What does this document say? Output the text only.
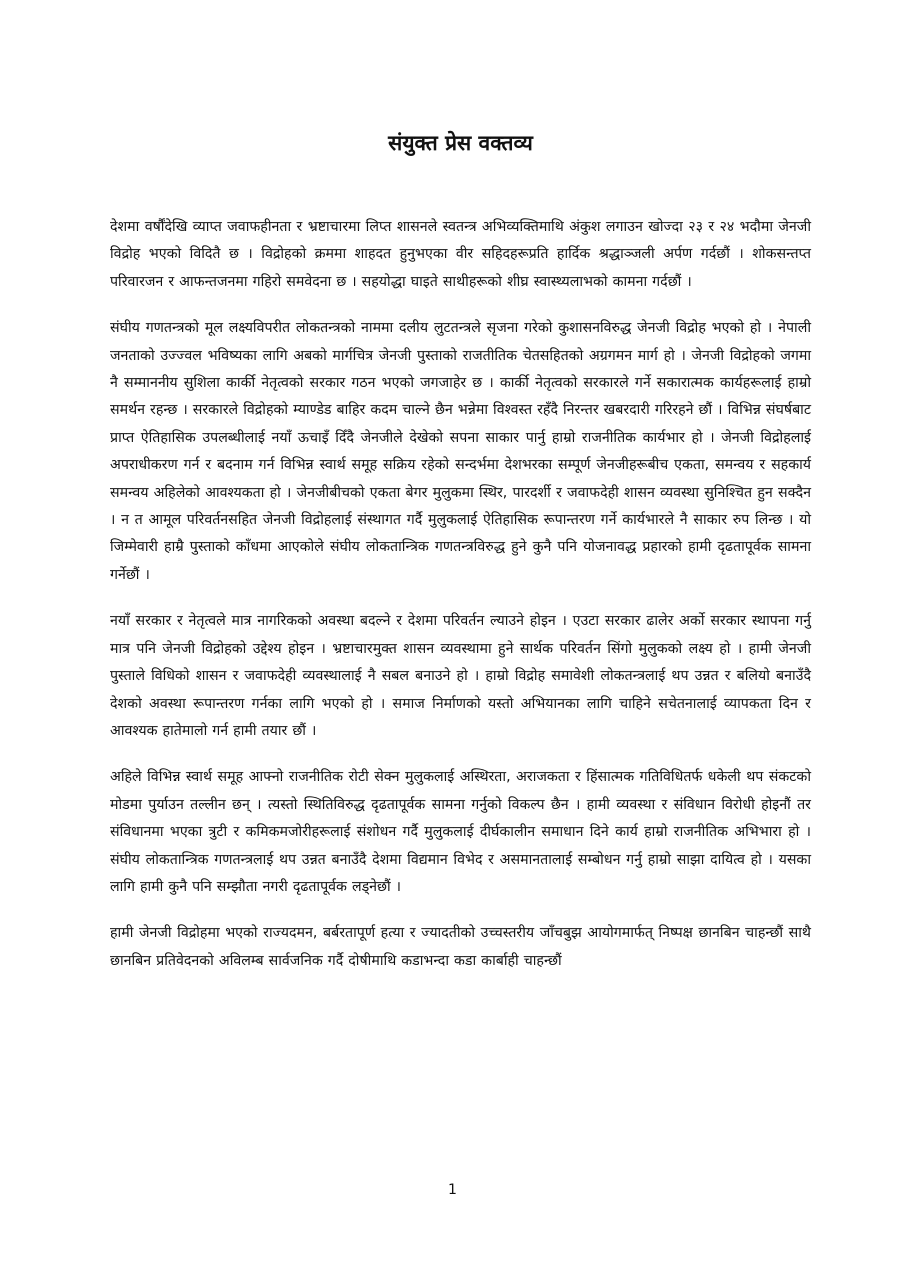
संयुक्त प्रेस वक्तव्य

देशमा वर्षौंदेखि व्याप्त जवाफहीनता र भ्रष्टाचारमा लिप्त शासनले स्वतन्त्र अभिव्यक्तिमाथि अंकुश लगाउन खोज्दा २३ र २४ भदौमा जेनजी विद्रोह भएको विदितै छ । विद्रोहको क्रममा शाहदत हुनुभएका वीर सहिदहरूप्रति हार्दिक श्रद्धाञ्जली अर्पण गर्दछौं । शोकसन्तप्त परिवारजन र आफन्तजनमा गहिरो समवेदना छ । सहयोद्धा घाइते साथीहरूको शीघ्र स्वास्थ्यलाभको कामना गर्दछौं ।

संघीय गणतन्त्रको मूल लक्ष्यविपरीत लोकतन्त्रको नाममा दलीय लुटतन्त्रले सृजना गरेको कुशासनविरुद्ध जेनजी विद्रोह भएको हो । नेपाली जनताको उज्ज्वल भविष्यका लागि अबको मार्गचित्र जेनजी पुस्ताको राजतीतिक चेतसहितको अग्रगमन मार्ग हो । जेनजी विद्रोहको जगमा नै सम्माननीय सुशिला कार्की नेतृत्वको सरकार गठन भएको जगजाहेर छ । कार्की नेतृत्वको सरकारले गर्ने सकारात्मक कार्यहरूलाई हाम्रो समर्थन रहन्छ । सरकारले विद्रोहको म्याण्डेड बाहिर कदम चाल्ने छैन भन्नेमा विश्वस्त रहँदै निरन्तर खबरदारी गरिरहने छौं । विभिन्न संघर्षबाट प्राप्त ऐतिहासिक उपलब्धीलाई नयाँ ऊचाइँ दिँदै जेनजीले देखेको सपना साकार पार्नु हाम्रो राजनीतिक कार्यभार हो । जेनजी विद्रोहलाई अपराधीकरण गर्न र बदनाम गर्न विभिन्न स्वार्थ समूह सक्रिय रहेको सन्दर्भमा देशभरका सम्पूर्ण जेनजीहरूबीच एकता, समन्वय र सहकार्य समन्वय अहिलेको आवश्यकता हो । जेनजीबीचको एकता बेगर मुलुकमा स्थिर, पारदर्शी र जवाफदेही शासन व्यवस्था सुनिश्चित हुन सक्दैन । न त आमूल परिवर्तनसहित जेनजी विद्रोहलाई संस्थागत गर्दै मुलुकलाई ऐतिहासिक रूपान्तरण गर्ने कार्यभारले नै साकार रुप लिन्छ । यो जिम्मेवारी हाम्रै पुस्ताको काँधमा आएकोले संघीय लोकतान्त्रिक गणतन्त्रविरुद्ध हुने कुनै पनि योजनावद्ध प्रहारको हामी दृढतापूर्वक सामना गर्नेछौं ।

नयाँ सरकार र नेतृत्वले मात्र नागरिकको अवस्था बदल्ने र देशमा परिवर्तन ल्याउने होइन । एउटा सरकार ढालेर अर्को सरकार स्थापना गर्नु मात्र पनि जेनजी विद्रोहको उद्देश्य होइन । भ्रष्टाचारमुक्त शासन व्यवस्थामा हुने सार्थक परिवर्तन सिंगो मुलुकको लक्ष्य हो । हामी जेनजी पुस्ताले विधिको शासन र जवाफदेही व्यवस्थालाई नै सबल बनाउने हो । हाम्रो विद्रोह समावेशी लोकतन्त्रलाई थप उन्नत र बलियो बनाउँदै देशको अवस्था रूपान्तरण गर्नका लागि भएको हो । समाज निर्माणको यस्तो अभियानका लागि चाहिने सचेतनालाई व्यापकता दिन र आवश्यक हातेमालो गर्न हामी तयार छौं ।

अहिले विभिन्न स्वार्थ समूह आफ्नो राजनीतिक रोटी सेक्न मुलुकलाई अस्थिरता, अराजकता र हिंसात्मक गतिविधितर्फ धकेली थप संकटको मोडमा पुर्याउन तल्लीन छन् । त्यस्तो स्थितिविरुद्ध दृढतापूर्वक सामना गर्नुको विकल्प छैन । हामी व्यवस्था र संविधान विरोधी होइनौं तर संविधानमा भएका त्रुटी र कमिकमजोरीहरूलाई संशोधन गर्दै मुलुकलाई दीर्घकालीन समाधान दिने कार्य हाम्रो राजनीतिक अभिभारा हो । संघीय लोकतान्त्रिक गणतन्त्रलाई थप उन्नत बनाउँदै देशमा विद्यमान विभेद र असमानतालाई सम्बोधन गर्नु हाम्रो साझा दायित्व हो । यसका लागि हामी कुनै पनि सम्झौता नगरी दृढतापूर्वक लड्नेछौं ।

हामी जेनजी विद्रोहमा भएको राज्यदमन, बर्बरतापूर्ण हत्या र ज्यादतीको उच्चस्तरीय जाँचबुझ आयोगमार्फत् निष्पक्ष छानबिन चाहन्छौं साथै छानबिन प्रतिवेदनको अविलम्ब सार्वजनिक गर्दै दोषीमाथि कडाभन्दा कडा कार्बाही चाहन्छौं

1
